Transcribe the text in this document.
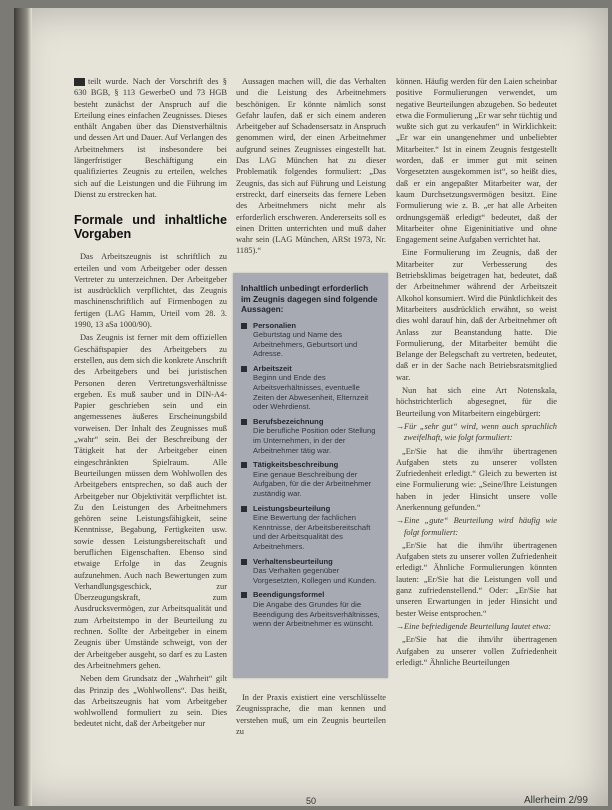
teilt wurde. Nach der Vorschrift des § 630 BGB, § 113 GewerbeO und 73 HGB besteht zunächst der Anspruch auf die Erteilung eines einfachen Zeugnisses. Dieses enthält Angaben über das Dienstverhältnis und dessen Art und Dauer. Auf Verlangen des Arbeitnehmers ist insbesondere bei längerfristiger Beschäftigung ein qualifiziertes Zeugnis zu erteilen, welches sich auf die Leistungen und die Führung im Dienst zu erstrecken hat.

Formale und inhaltliche Vorgaben

Das Arbeitszeugnis ist schriftlich zu erteilen und vom Arbeitgeber oder dessen Vertreter zu unterzeichnen. Der Arbeitgeber ist ausdrücklich verpflichtet, das Zeugnis maschinenschriftlich auf Firmenbogen zu fertigen (LAG Hamm, Urteil vom 28. 3. 1990, 13 aSa 1000/90).

Das Zeugnis ist ferner mit dem offiziellen Geschäftspapier des Arbeitgebers zu erstellen, aus dem sich die konkrete Anschrift des Arbeitgebers und bei juristischen Personen deren Vertretungsverhältnisse ergeben. Es muß sauber und in DIN-A4-Papier geschrieben sein und ein angemessenes äußeres Erscheinungsbild vorweisen. Der Inhalt des Zeugnisses muß „wahr“ sein. Bei der Beschreibung der Tätigkeit hat der Arbeitgeber einen eingeschränkten Spielraum. Alle Beurteilungen müssen dem Wohlwollen des Arbeitgebers entsprechen, so daß auch der Arbeitgeber nur Objektivität verpflichtet ist. Zu den Leistungen des Arbeitnehmers gehören seine Leistungsfähigkeit, seine Kenntnisse, Begabung, Fertigkeiten usw. sowie dessen Leistungsbereitschaft und beruflichen Eigenschaften. Ebenso sind etwaige Erfolge in das Zeugnis aufzunehmen. Auch nach Bewertungen zum Verhandlungsgeschick, zur Überzeugungskraft, zum Ausdrucksvermögen, zur Arbeitsqualität und zum Arbeitstempo in der Beurteilung zu rechnen. Sollte der Arbeitgeber in einem Zeugnis über Umstände schweigt, von der der Arbeitgeber ausgeht, so darf es zu Lasten des Arbeitnehmers gehen.

Neben dem Grundsatz der „Wahrheit“ gilt das Prinzip des „Wohlwollens“. Das heißt, das Arbeitszeugnis hat vom Arbeitgeber wohlwollend formuliert zu sein. Dies bedeutet nicht, daß der Arbeitgeber nur

Aussagen machen will, die das Verhalten und die Leistung des Arbeitnehmers beschönigen. Er könnte nämlich sonst Gefahr laufen, daß er sich einem anderen Arbeitgeber auf Schadensersatz in Anspruch genommen wird, der einen Arbeitnehmer aufgrund seines Zeugnisses eingestellt hat. Das LAG München hat zu dieser Problematik folgendes formuliert: „Das Zeugnis, das sich auf Führung und Leistung erstreckt, darf einerseits das fernere Leben des Arbeitnehmers nicht mehr als erforderlich erschweren. Andererseits soll es einen Dritten unterrichten und muß daher wahr sein (LAG München, ARSt 1973, Nr. 1185).“

Inhaltlich unbedingt erforderlich im Zeugnis dagegen sind folgende Aussagen:
Personalien
Geburtstag und Name des Arbeitnehmers, Geburtsort und Adresse.
Arbeitszeit
Beginn und Ende des Arbeitsverhältnisses, eventuelle Zeiten der Abwesenheit, Elternzeit oder Wehrdienst.
Berufsbezeichnung
Die berufliche Position oder Stellung im Unternehmen, in der der Arbeitnehmer tätig war.
Tätigkeitsbeschreibung
Eine genaue Beschreibung der Aufgaben, für die der Arbeitnehmer zuständig war.
Leistungsbeurteilung
Eine Bewertung der fachlichen Kenntnisse, der Arbeitsbereitschaft und der Arbeitsqualität des Arbeitnehmers.
Verhaltensbeurteilung
Das Verhalten gegenüber Vorgesetzten, Kollegen und Kunden.
Beendigungsformel
Die Angabe des Grundes für die Beendigung des Arbeitsverhältnisses, wenn der Arbeitnehmer es wünscht.

In der Praxis existiert eine verschlüsselte Zeugnissprache, die man kennen und verstehen muß, um ein Zeugnis beurteilen zu

können. Häufig werden für den Laien scheinbar positive Formulierungen verwendet, um negative Beurteilungen abzugeben. So bedeutet etwa die Formulierung „Er war sehr tüchtig und wußte sich gut zu verkaufen“ in Wirklichkeit: „Er war ein unangenehmer und unbeliebter Mitarbeiter.“ Ist in einem Zeugnis festgestellt worden, daß er immer gut mit seinen Vorgesetzten ausgekommen ist“, so heißt dies, daß er ein angepaßter Mitarbeiter war, der kaum Durchsetzungsvermögen besitzt. Eine Formulierung wie z. B. „er hat alle Arbeiten ordnungsgemäß erledigt“ bedeutet, daß der Mitarbeiter ohne Eigeninitiative und ohne Engagement seine Aufgaben verrichtet hat.

Eine Formulierung im Zeugnis, daß der Mitarbeiter zur Verbesserung des Betriebsklimas beigetragen hat, bedeutet, daß der Arbeitnehmer während der Arbeitszeit Alkohol konsumiert. Wird die Pünktlichkeit des Mitarbeiters ausdrücklich erwähnt, so weist dies wohl darauf hin, daß der Arbeitnehmer oft Anlass zur Beanstandung hatte. Die Formulierung, der Mitarbeiter bemüht die Belange der Belegschaft zu vertreten, bedeutet, daß er in der Sache nach Betriebsratsmitglied war.

Nun hat sich eine Art Notenskala, höchstrichterlich abgesegnet, für die Beurteilung von Mitarbeitern eingebürgert:

→ Für „sehr gut“ wird, wenn auch sprachlich zweifelhaft, wie folgt formuliert:

„Er/Sie hat die ihm/ihr übertragenen Aufgaben stets zu unserer vollsten Zufriedenheit erledigt.“ Gleich zu bewerten ist eine Formulierung wie: „Seine/Ihre Leistungen haben in jeder Hinsicht unsere volle Anerkennung gefunden.“

→ Eine „gute“ Beurteilung wird häufig wie folgt formuliert:

„Er/Sie hat die ihm/ihr übertragenen Aufgaben stets zu unserer vollen Zufriedenheit erledigt.“ Ähnliche Formulierungen könnten lauten: „Er/Sie hat die Leistungen voll und ganz zufriedenstellend.“ Oder: „Er/Sie hat unseren Erwartungen in jeder Hinsicht und bester Weise entsprochen.“

→ Eine befriedigende Beurteilung lautet etwa:

„Er/Sie hat die ihm/ihr übertragenen Aufgaben zu unserer vollen Zufriedenheit erledigt.“ Ähnliche Beurteilungen

50	Allerheim 2/99
